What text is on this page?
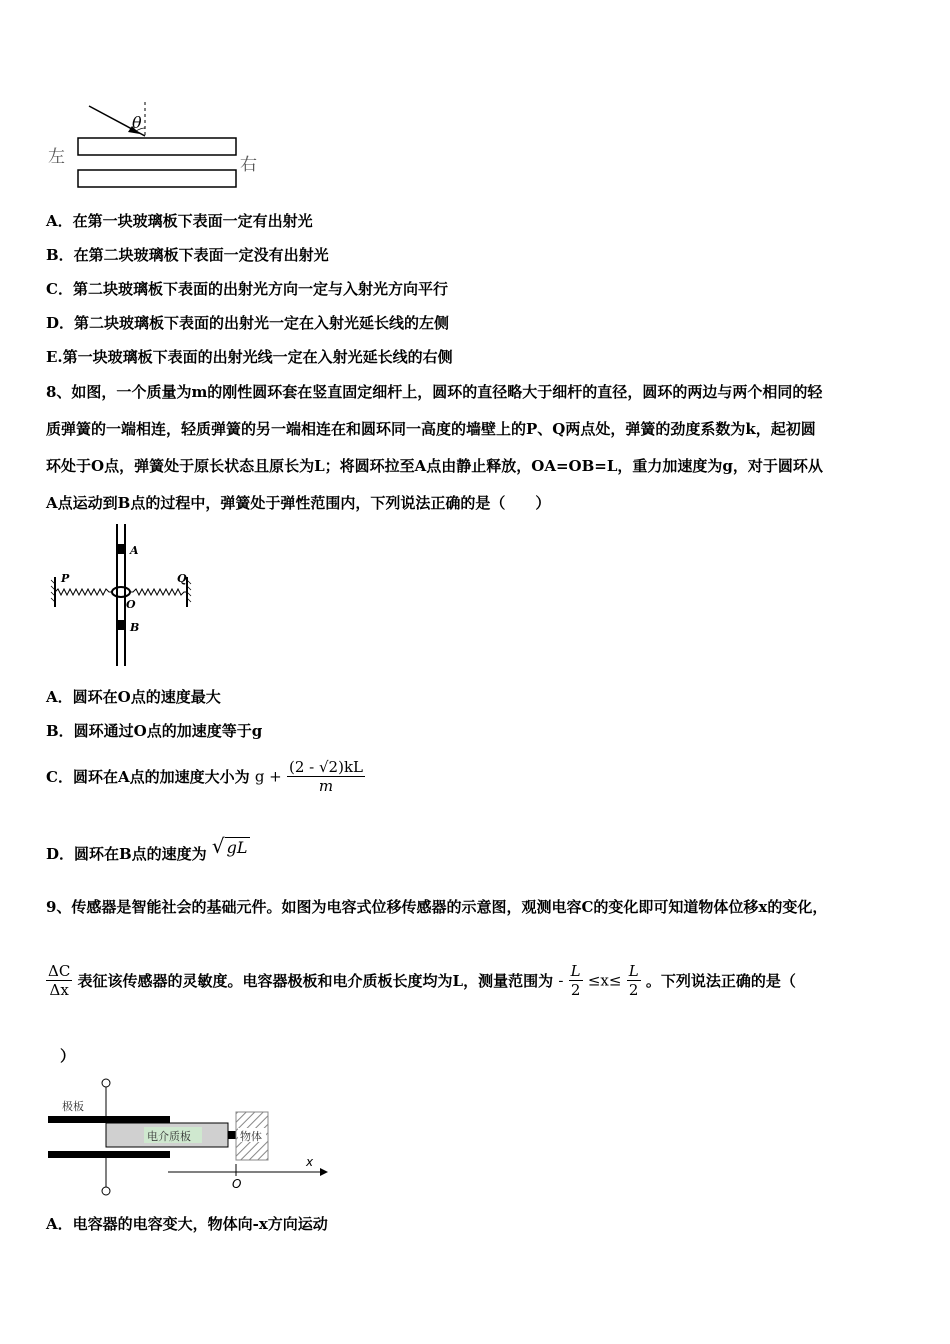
左	右
θ
A．在第一块玻璃板下表面一定有出射光
B．在第二块玻璃板下表面一定没有出射光
C．第二块玻璃板下表面的出射光方向一定与入射光方向平行
D．第二块玻璃板下表面的出射光一定在入射光延长线的左侧
E.第一块玻璃板下表面的出射光线一定在入射光延长线的右侧
8、如图，一个质量为m的刚性圆环套在竖直固定细杆上，圆环的直径略大于细杆的直径，圆环的两边与两个相同的轻
质弹簧的一端相连，轻质弹簧的另一端相连在和圆环同一高度的墙壁上的P、Q两点处，弹簧的劲度系数为k，起初圆
环处于O点，弹簧处于原长状态且原长为L；将圆环拉至A点由静止释放，OA=OB=L，重力加速度为g，对于圆环从
A点运动到B点的过程中，弹簧处于弹性范围内，下列说法正确的是（　　）
A
B
O
P	Q
A．圆环在O点的速度最大
B．圆环通过O点的加速度等于g
C．圆环在A点的加速度大小为 $g + \frac{(2 - √2)kL}{m}$
D．圆环在B点的速度为 √ gL
9、传感器是智能社会的基础元件。如图为电容式位移传感器的示意图，观测电容C的变化即可知道物体位移x的变化，
$\frac{\Delta C}{\Delta x}$ 表征该传感器的灵敏度。电容器极板和电介质板长度均为L，测量范围为 - $\frac{L}{2} \le x\le \frac{L}{2}$ 。下列说法正确的是（
）
极板
电介质板	物体
x
O
A．电容器的电容变大，物体向-x方向运动
